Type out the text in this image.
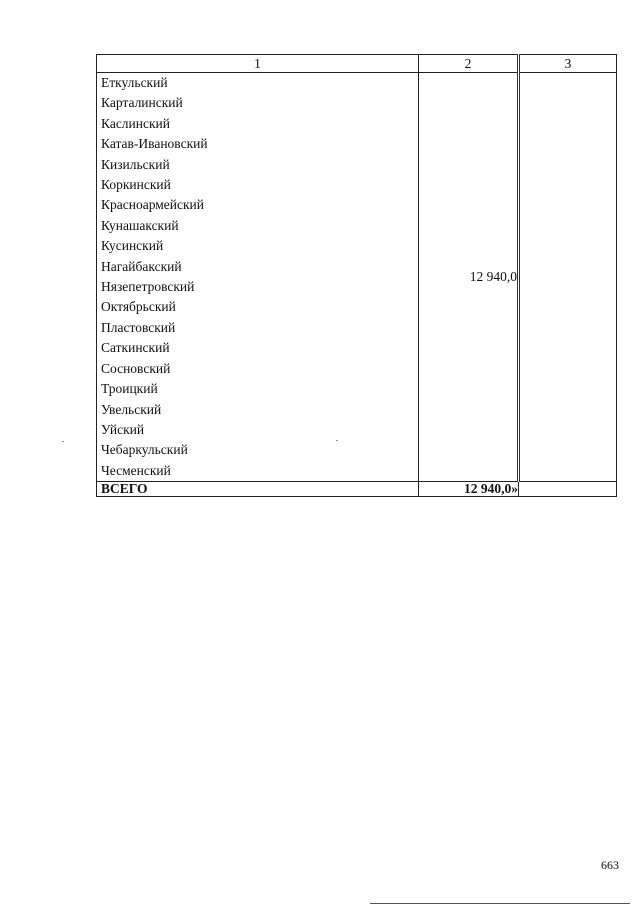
1	2	3
Еткульский	12 940,0	
Карталинский		
Каслинский		
Катав-Ивановский		
Кизильский		
Коркинский		
Красноармейский		
Кунашакский		
Кусинский		
Нагайбакский		
Нязепетровский		
Октябрьский		
Пластовский		
Саткинский		
Сосновский		
Троицкий		
Увельский		
Уйский		
Чебаркульский		
Чесменский		
ВСЕГО	12 940,0»	
663
